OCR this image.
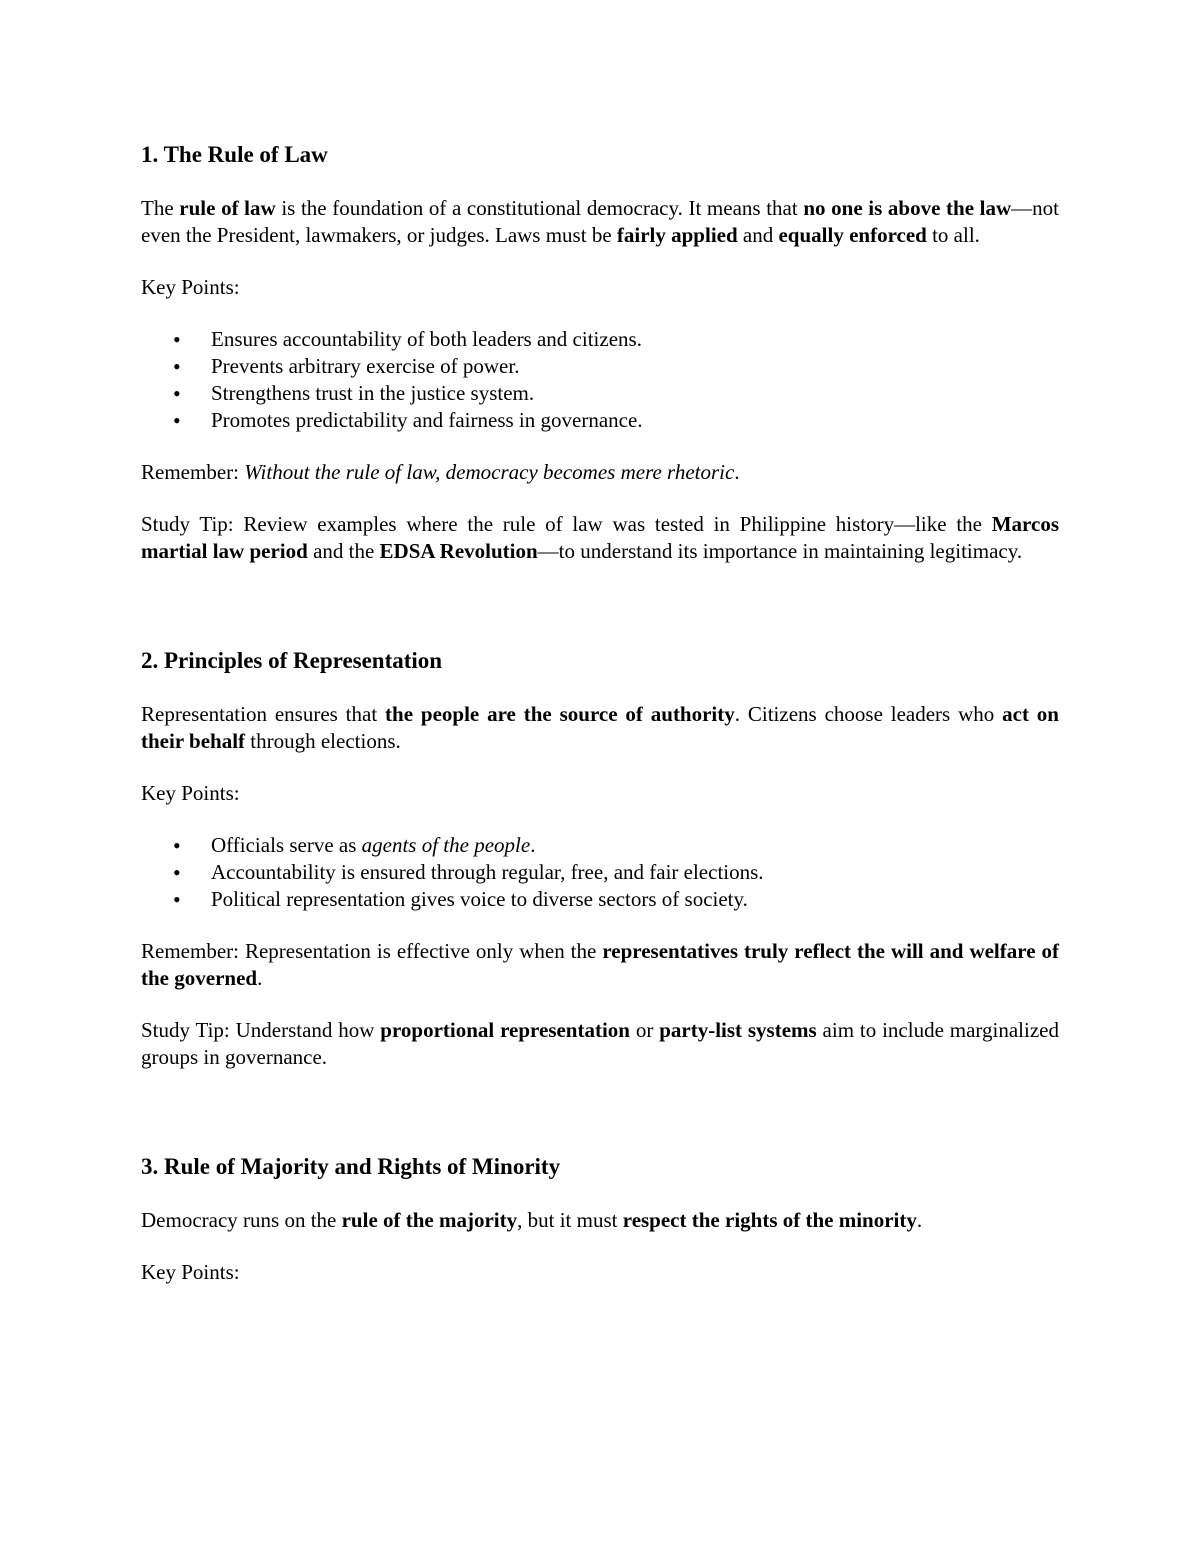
1. The Rule of Law

The rule of law is the foundation of a constitutional democracy. It means that no one is above the law—not even the President, lawmakers, or judges. Laws must be fairly applied and equally enforced to all.

Key Points:

• Ensures accountability of both leaders and citizens.
• Prevents arbitrary exercise of power.
• Strengthens trust in the justice system.
• Promotes predictability and fairness in governance.

Remember: Without the rule of law, democracy becomes mere rhetoric.

Study Tip: Review examples where the rule of law was tested in Philippine history—like the Marcos martial law period and the EDSA Revolution—to understand its importance in maintaining legitimacy.

2. Principles of Representation

Representation ensures that the people are the source of authority. Citizens choose leaders who act on their behalf through elections.

Key Points:

• Officials serve as agents of the people.
• Accountability is ensured through regular, free, and fair elections.
• Political representation gives voice to diverse sectors of society.

Remember: Representation is effective only when the representatives truly reflect the will and welfare of the governed.

Study Tip: Understand how proportional representation or party-list systems aim to include marginalized groups in governance.

3. Rule of Majority and Rights of Minority

Democracy runs on the rule of the majority, but it must respect the rights of the minority.

Key Points:
